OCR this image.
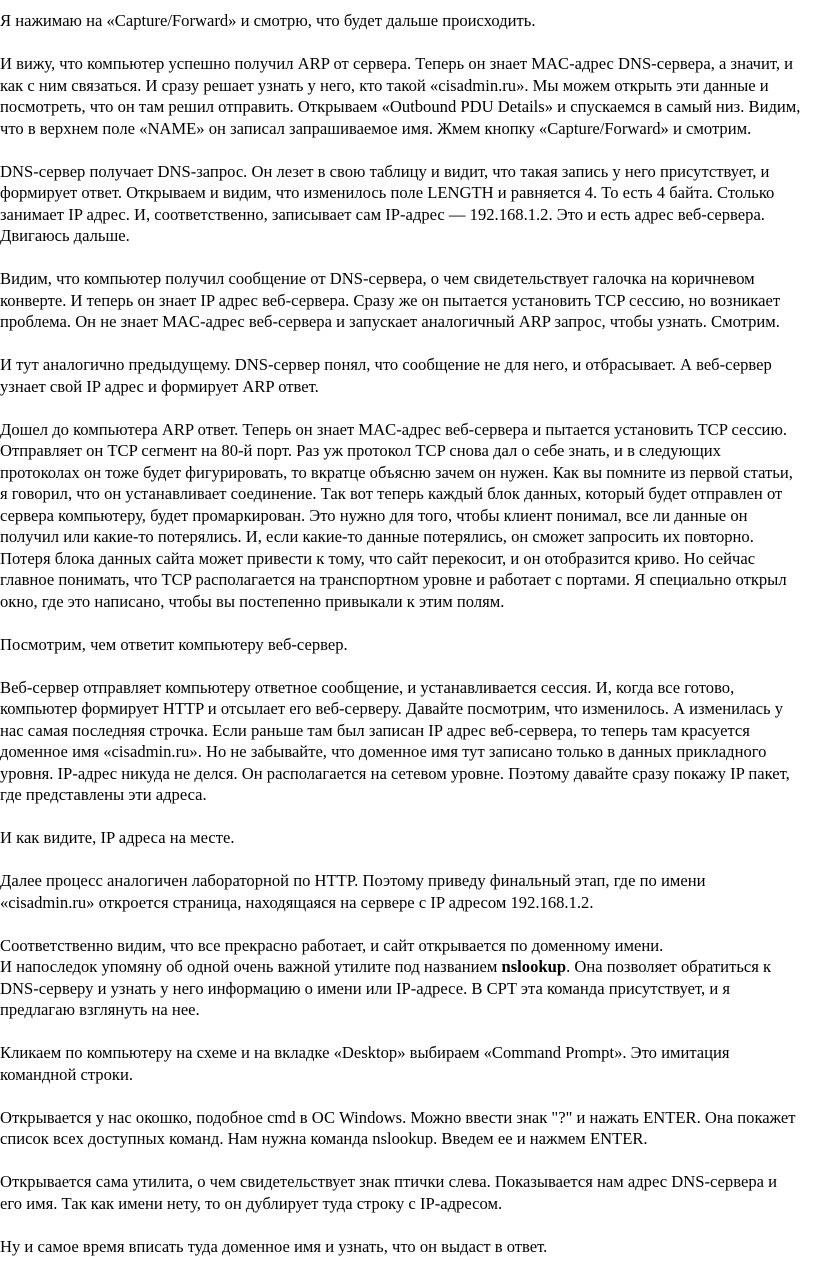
Я нажимаю на «Capture/Forward» и смотрю, что будет дальше происходить.

И вижу, что компьютер успешно получил ARP от сервера. Теперь он знает MAC-адрес DNS-сервера, а значит, и как с ним связаться. И сразу решает узнать у него, кто такой «cisadmin.ru». Мы можем открыть эти данные и посмотреть, что он там решил отправить. Открываем «Outbound PDU Details» и спускаемся в самый низ. Видим, что в верхнем поле «NAME» он записал запрашиваемое имя. Жмем кнопку «Capture/Forward» и смотрим.

DNS-сервер получает DNS-запрос. Он лезет в свою таблицу и видит, что такая запись у него присутствует, и формирует ответ. Открываем и видим, что изменилось поле LENGTH и равняется 4. То есть 4 байта. Столько занимает IP адрес. И, соответственно, записывает сам IP-адрес — 192.168.1.2. Это и есть адрес веб-сервера. Двигаюсь дальше.

Видим, что компьютер получил сообщение от DNS-сервера, о чем свидетельствует галочка на коричневом конверте. И теперь он знает IP адрес веб-сервера. Сразу же он пытается установить TCP сессию, но возникает проблема. Он не знает MAC-адрес веб-сервера и запускает аналогичный ARP запрос, чтобы узнать. Смотрим.

И тут аналогично предыдущему. DNS-сервер понял, что сообщение не для него, и отбрасывает. А веб-сервер узнает свой IP адрес и формирует ARP ответ.

Дошел до компьютера ARP ответ. Теперь он знает MAC-адрес веб-сервера и пытается установить TCP сессию. Отправляет он TCP сегмент на 80-й порт. Раз уж протокол TCP снова дал о себе знать, и в следующих протоколах он тоже будет фигурировать, то вкратце объясню зачем он нужен. Как вы помните из первой статьи, я говорил, что он устанавливает соединение. Так вот теперь каждый блок данных, который будет отправлен от сервера компьютеру, будет промаркирован. Это нужно для того, чтобы клиент понимал, все ли данные он получил или какие-то потерялись. И, если какие-то данные потерялись, он сможет запросить их повторно. Потеря блока данных сайта может привести к тому, что сайт перекосит, и он отобразится криво. Но сейчас главное понимать, что TCP располагается на транспортном уровне и работает с портами. Я специально открыл окно, где это написано, чтобы вы постепенно привыкали к этим полям.

Посмотрим, чем ответит компьютеру веб-сервер.

Веб-сервер отправляет компьютеру ответное сообщение, и устанавливается сессия. И, когда все готово, компьютер формирует HTTP и отсылает его веб-серверу. Давайте посмотрим, что изменилось. А изменилась у нас самая последняя строчка. Если раньше там был записан IP адрес веб-сервера, то теперь там красуется доменное имя «cisadmin.ru». Но не забывайте, что доменное имя тут записано только в данных прикладного уровня. IP-адрес никуда не делся. Он располагается на сетевом уровне. Поэтому давайте сразу покажу IP пакет, где представлены эти адреса.

И как видите, IP адреса на месте.

Далее процесс аналогичен лабораторной по HTTP. Поэтому приведу финальный этап, где по имени «cisadmin.ru» откроется страница, находящаяся на сервере с IP адресом 192.168.1.2.

Соответственно видим, что все прекрасно работает, и сайт открывается по доменному имени.
И напоследок упомяну об одной очень важной утилите под названием nslookup. Она позволяет обратиться к DNS-серверу и узнать у него информацию о имени или IP-адресе. В CPT эта команда присутствует, и я предлагаю взглянуть на нее.

Кликаем по компьютеру на схеме и на вкладке «Desktop» выбираем «Command Prompt». Это имитация командной строки.

Открывается у нас окошко, подобное cmd в ОС Windows. Можно ввести знак "?" и нажать ENTER. Она покажет список всех доступных команд. Нам нужна команда nslookup. Введем ее и нажмем ENTER.

Открывается сама утилита, о чем свидетельствует знак птички слева. Показывается нам адрес DNS-сервера и его имя. Так как имени нету, то он дублирует туда строку с IP-адресом.

Ну и самое время вписать туда доменное имя и узнать, что он выдаст в ответ.
